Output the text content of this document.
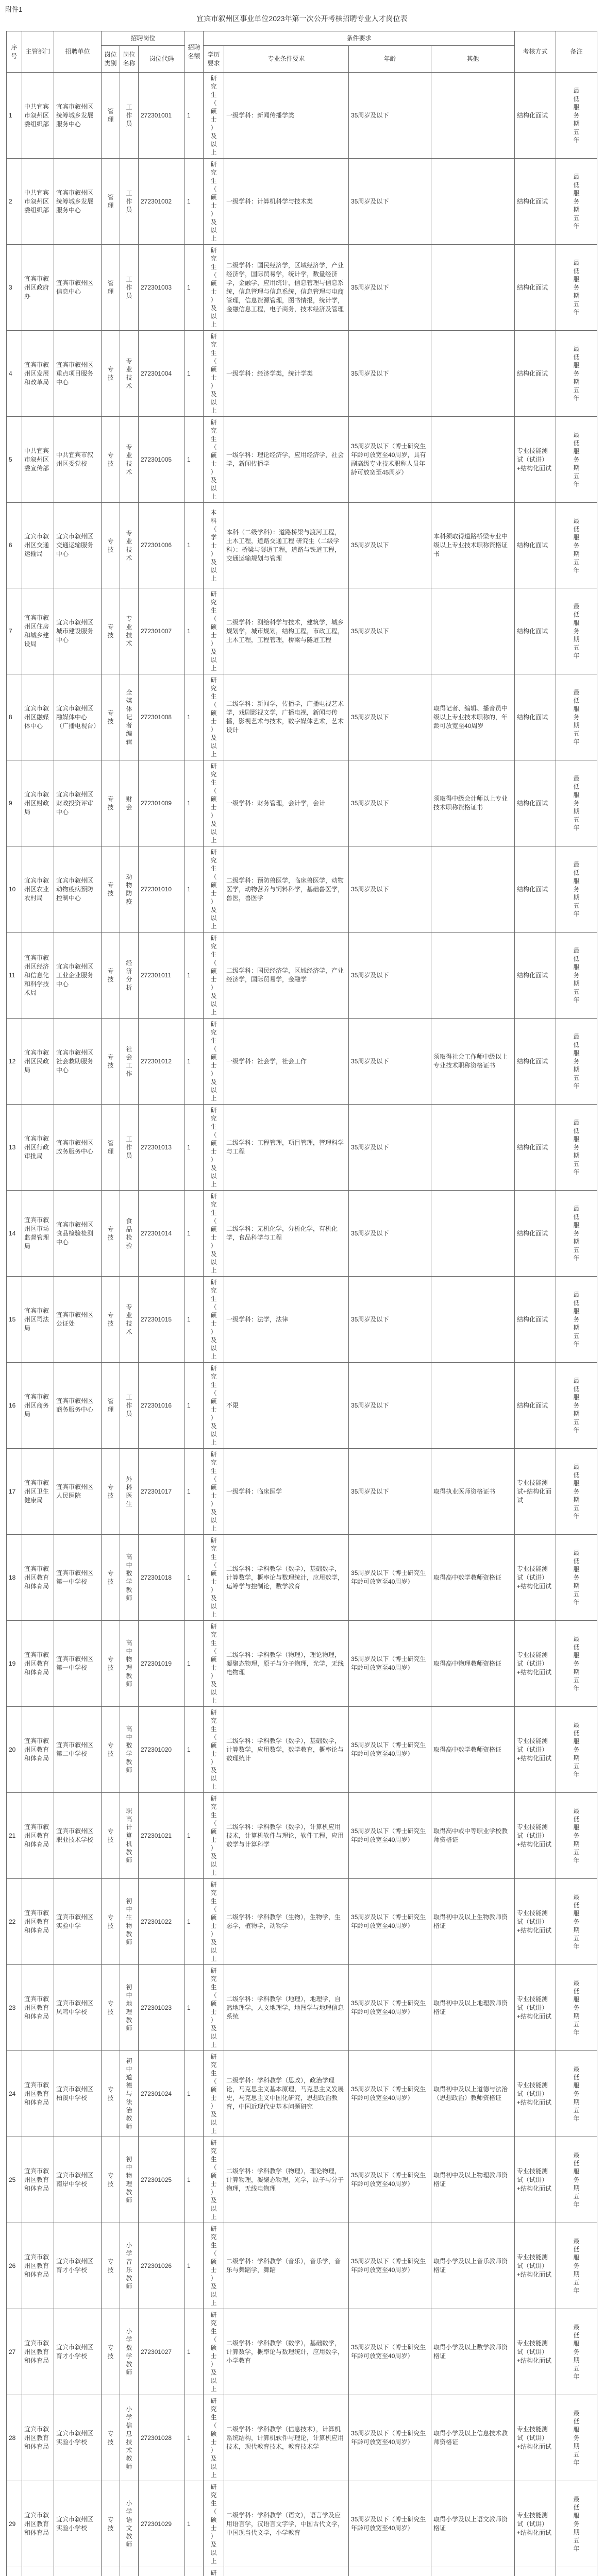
附件1
宜宾市叙州区事业单位2023年第一次公开考核招聘专业人才岗位表
序号	主管部门	招聘单位	招聘岗位			招聘名额	条件要求				考核方式	备注
			岗位类别	岗位名称	岗位代码		学历要求	专业条件要求	年龄	其他		
1	中共宜宾市叙州区委组织部	宜宾市叙州区统筹城乡发展服务中心	管理	工作员	272301001	1	研究生（硕士）及以上	一级学科：新闻传播学类	35周岁及以下		结构化面试	最低服务期五年

2	中共宜宾市叙州区委组织部	宜宾市叙州区统筹城乡发展服务中心	管理	工作员	272301002	1	研究生（硕士）及以上	一级学科：计算机科学与技术类	35周岁及以下		结构化面试	最低服务期五年

3	宜宾市叙州区政府办	宜宾市叙州区信息中心	管理	工作员	272301003	1	研究生（硕士）及以上	二级学科：国民经济学，区域经济学，产业经济学，国际贸易学，统计学，数量经济学，金融学，应用统计，信息管理与信息系统，信息管理与信息系统，信息管理与电商管理，信息资源管理，图书情报，统计学，金融信息工程，电子商务，技术经济及管理	35周岁及以下		结构化面试	最低服务期五年

4	宜宾市叙州区发展和改革局	宜宾市叙州区重点项目服务中心	专技	专业技术	272301004	1	研究生（硕士）及以上	一级学科：经济学类，统计学类	35周岁及以下		结构化面试	最低服务期五年

5	中共宜宾市叙州区委宣传部	中共宜宾市叙州区委党校	专技	专业技术	272301005	1	研究生（硕士）及以上	一级学科：理论经济学，应用经济学，社会学，新闻传播学	35周岁及以下（博士研究生年龄可放宽至40周岁，具有副高级专业技术职称人员年龄可放宽至45周岁）		专业技能测试（试讲）+结构化面试	最低服务期五年

6	宜宾市叙州区交通运输局	宜宾市叙州区交通运输服务中心	专技	专业技术	272301006	1	本科（学士）及以上	本科（二级学科）：道路桥梁与渡河工程，土木工程，道路交通工程 研究生（二级学科）：桥梁与隧道工程，道路与铁道工程，交通运输规划与管理	35周岁及以下	本科须取得道路桥梁专业中级以上专业技术职称资格证书	结构化面试	最低服务期五年

7	宜宾市叙州区住房和城乡建设局	宜宾市叙州区城市建设服务中心	专技	专业技术	272301007	1	研究生（硕士）及以上	二级学科：测绘科学与技术，建筑学，城乡规划学，城市规划，结构工程，市政工程，土木工程，工程管理，桥梁与隧道工程	35周岁及以下		结构化面试	最低服务期五年

8	宜宾市叙州区融媒体中心	宜宾市叙州区融媒体中心（广播电视台）	专技	全媒体记者编辑	272301008	1	研究生（硕士）及以上	二级学科：新闻学，传播学，广播电视艺术学，戏剧影视文学，广播电视，新闻与传播，影视艺术与技术，数字媒体艺术，艺术设计	35周岁及以下	取得记者、编辑、播音员中级以上专业技术职称的，年龄可放宽至40周岁	结构化面试	最低服务期五年

9	宜宾市叙州区财政局	宜宾市叙州区财政投资评审中心	专技	财会	272301009	1	研究生（硕士）及以上	一级学科：财务管理，会计学，会计	35周岁及以下	须取得中级会计师以上专业技术职称资格证书	结构化面试	最低服务期五年

10	宜宾市叙州区农业农村局	宜宾市叙州区动物疫病预防控制中心	专技	动物防疫	272301010	1	研究生（硕士）及以上	二级学科：预防兽医学，临床兽医学，动物医学，动物营养与饲料科学，基础兽医学，兽医，兽医学	35周岁及以下		结构化面试	最低服务期五年

11	宜宾市叙州区经济和信息化和科学技术局	宜宾市叙州区工业企业服务中心	专技	经济分析	272301011	1	研究生（硕士）及以上	二级学科：国民经济学，区域经济学，产业经济学，国际贸易学，金融学	35周岁及以下		结构化面试	最低服务期五年

12	宜宾市叙州区民政局	宜宾市叙州区社会救助服务中心	专技	社会工作	272301012	1	研究生（硕士）及以上	一级学科：社会学，社会工作	35周岁及以下	须取得社会工作师中级以上专业技术职称资格证书	结构化面试	最低服务期五年

13	宜宾市叙州区行政审批局	宜宾市叙州区政务服务中心	管理	工作员	272301013	1	研究生（硕士）及以上	二级学科：工程管理，项目管理，管理科学与工程	35周岁及以下		结构化面试	最低服务期五年

14	宜宾市叙州区市场监督管理局	宜宾市叙州区食品检验检测中心	专技	食品检验	272301014	1	研究生（硕士）及以上	二级学科：无机化学，分析化学，有机化学，食品科学与工程	35周岁及以下		结构化面试	最低服务期五年

15	宜宾市叙州区司法局	宜宾市叙州区公证处	专技	专业技术	272301015	1	研究生（硕士）及以上	一级学科：法学，法律	35周岁及以下		结构化面试	最低服务期五年

16	宜宾市叙州区商务局	宜宾市叙州区商务服务中心	管理	工作员	272301016	1	研究生（硕士）及以上	不限	35周岁及以下		结构化面试	最低服务期五年

17	宜宾市叙州区卫生健康局	宜宾市叙州区人民医院	专技	外科医生	272301017	1	研究生（硕士）及以上	一级学科：临床医学	35周岁及以下	取得执业医师资格证书	专业技能测试+结构化面试	最低服务期五年

18	宜宾市叙州区教育和体育局	宜宾市叙州区第一中学校	专技	高中数学教师	272301018	1	研究生（硕士）及以上	二级学科：学科教学（数学），基础数学，计算数学，概率论与数理统计，应用数学，运筹学与控制论，数学教育	35周岁及以下（博士研究生年龄可放宽至40周岁）	取得高中数学教师资格证	专业技能测试（试讲）+结构化面试	最低服务期五年

19	宜宾市叙州区教育和体育局	宜宾市叙州区第一中学校	专技	高中物理教师	272301019	1	研究生（硕士）及以上	二级学科：学科教学（物理），理论物理，凝聚态物理，原子与分子物理，光学，无线电物理	35周岁及以下（博士研究生年龄可放宽至40周岁）	取得高中物理教师资格证	专业技能测试（试讲）+结构化面试	最低服务期五年

20	宜宾市叙州区教育和体育局	宜宾市叙州区第二中学校	专技	高中数学教师	272301020	1	研究生（硕士）及以上	二级学科：学科教学（数学），基础数学，计算数学，应用数学，数学教育，概率论与数理统计	35周岁及以下（博士研究生年龄可放宽至40周岁）	取得高中数学教师资格证	专业技能测试（试讲）+结构化面试	最低服务期五年

21	宜宾市叙州区教育和体育局	宜宾市叙州区职业技术学校	专技	职高计算机教师	272301021	1	研究生（硕士）及以上	二级学科：学科教学（数学），计算机应用技术，计算机软件与理论，软件工程，应用数学与计算科学	35周岁及以下（博士研究生年龄可放宽至40周岁）	取得高中或中等职业学校教师资格证	专业技能测试（试讲）+结构化面试	最低服务期五年

22	宜宾市叙州区教育和体育局	宜宾市叙州区实验中学	专技	初中生物教师	272301022	1	研究生（硕士）及以上	二级学科：学科教学（生物），生物学，生态学，植物学，动物学	35周岁及以下（博士研究生年龄可放宽至40周岁）	取得初中及以上生物教师资格证	专业技能测试（试讲）+结构化面试	最低服务期五年

23	宜宾市叙州区教育和体育局	宜宾市叙州区凤鸣中学校	专技	初中地理教师	272301023	1	研究生（硕士）及以上	二级学科：学科教学（地理），地理学，自然地理学，人文地理学，地图学与地理信息系统	35周岁及以下（博士研究生年龄可放宽至40周岁）	取得初中及以上地理教师资格证	专业技能测试（试讲）+结构化面试	最低服务期五年

24	宜宾市叙州区教育和体育局	宜宾市叙州区柏溪中学校	专技	初中道德与法治教师	272301024	1	研究生（硕士）及以上	二级学科：学科教学（思政），政治学理论，马克思主义基本原理，马克思主义发展史，马克思主义中国化研究，思想政治教育，中国近现代史基本问题研究	35周岁及以下（博士研究生年龄可放宽至40周岁）	取得初中及以上道德与法治（思想政治）教师资格证	专业技能测试（试讲）+结构化面试	最低服务期五年

25	宜宾市叙州区教育和体育局	宜宾市叙州区南岸中学校	专技	初中物理教师	272301025	1	研究生（硕士）及以上	二级学科：学科教学（物理），理论物理，计算物理，凝聚态物理，光学，原子与分子物理，无线电物理	35周岁及以下（博士研究生年龄可放宽至40周岁）	取得初中及以上物理教师资格证	专业技能测试（试讲）+结构化面试	最低服务期五年

26	宜宾市叙州区教育和体育局	宜宾市叙州区育才小学校	专技	小学音乐教师	272301026	1	研究生（硕士）及以上	二级学科：学科教学（音乐），音乐学，音乐与舞蹈学，舞蹈	35周岁及以下（博士研究生年龄可放宽至40周岁）	取得小学及以上音乐教师资格证	专业技能测试（试讲）+结构化面试	最低服务期五年

27	宜宾市叙州区教育和体育局	宜宾市叙州区育才小学校	专技	小学数学教师	272301027	1	研究生（硕士）及以上	二级学科：学科教学（数学），基础数学，计算数学，概率论与数理统计，应用数学，小学教育	35周岁及以下（博士研究生年龄可放宽至40周岁）	取得小学及以上数学教师资格证	专业技能测试（试讲）+结构化面试	最低服务期五年

28	宜宾市叙州区教育和体育局	宜宾市叙州区实验小学校	专技	小学信息技术教师	272301028	1	研究生（硕士）及以上	二级学科：学科教学（信息技术），计算机系统结构，计算机软件与理论，计算机应用技术，现代教育技术，教育技术学	35周岁及以下（博士研究生年龄可放宽至40周岁）	取得小学及以上信息技术教师资格证	专业技能测试（试讲）+结构化面试	最低服务期五年

29	宜宾市叙州区教育和体育局	宜宾市叙州区实验小学校	专技	小学语文教师	272301029	1	研究生（硕士）及以上	二级学科：学科教学（语文），语言学及应用语言学，汉语言文字学，中国古代文学，中国现当代文学，小学教育	35周岁及以下（博士研究生年龄可放宽至40周岁）	取得小学及以上语文教师资格证	专业技能测试（试讲）+结构化面试	最低服务期五年

研
